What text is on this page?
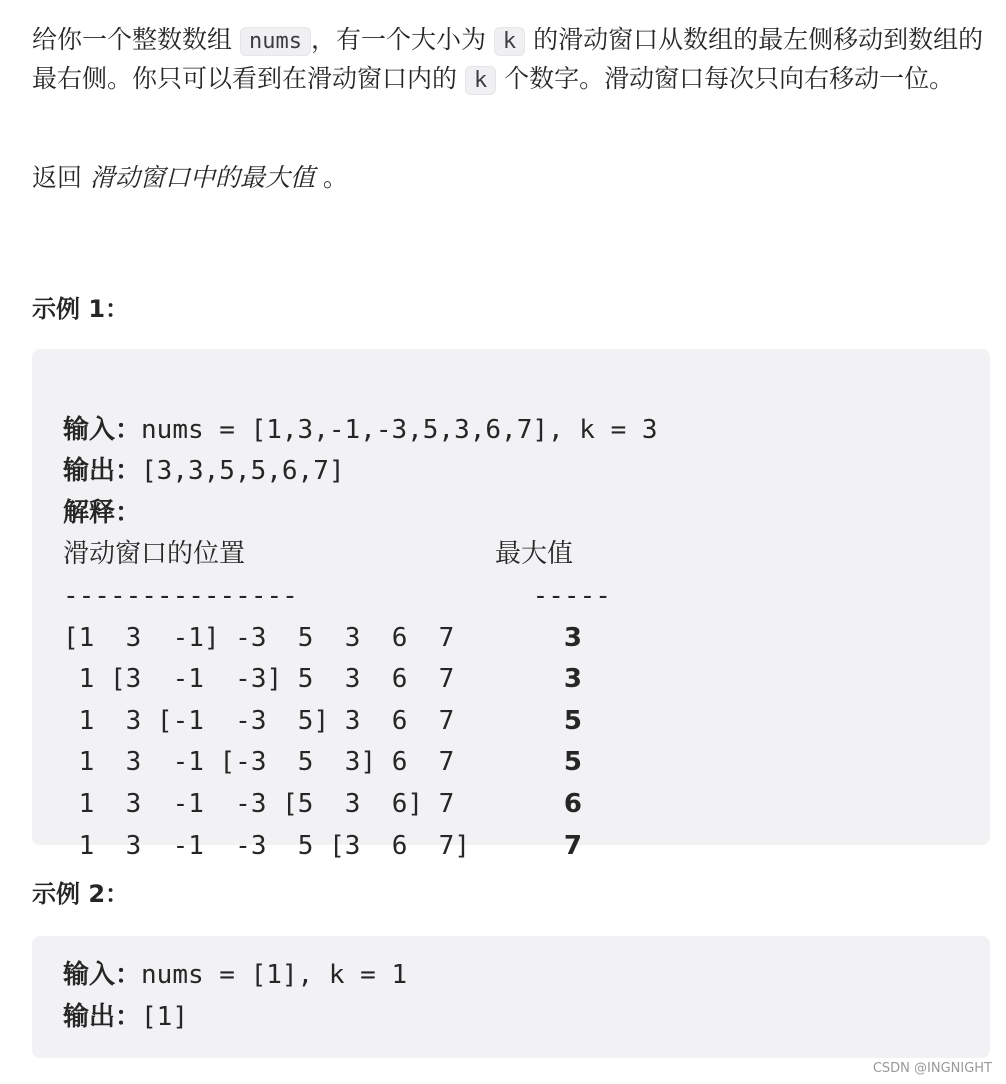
给你一个整数数组 nums ，有一个大小为 k 的滑动窗口从数组的最左侧移动到数组的最右侧。你只可以看到在滑动窗口内的 k 个数字。滑动窗口每次只向右移动一位。
返回 滑动窗口中的最大值 。
示例 1：

输入：nums = [1,3,-1,-3,5,3,6,7], k = 3
输出：[3,3,5,5,6,7]
解释：
滑动窗口的位置	最大值
---------------	-----
[1  3  -1] -3  5  3  6  7       3
1 [3  -1  -3] 5  3  6  7       3
1  3 [-1  -3  5] 3  6  7       5
1  3  -1 [-3  5  3] 6  7       5
1  3  -1  -3 [5  3  6] 7       6
1  3  -1  -3  5 [3  6  7]      7
示例 2：
输入：nums = [1], k = 1
输出：[1]
CSDN @INGNIGHT
